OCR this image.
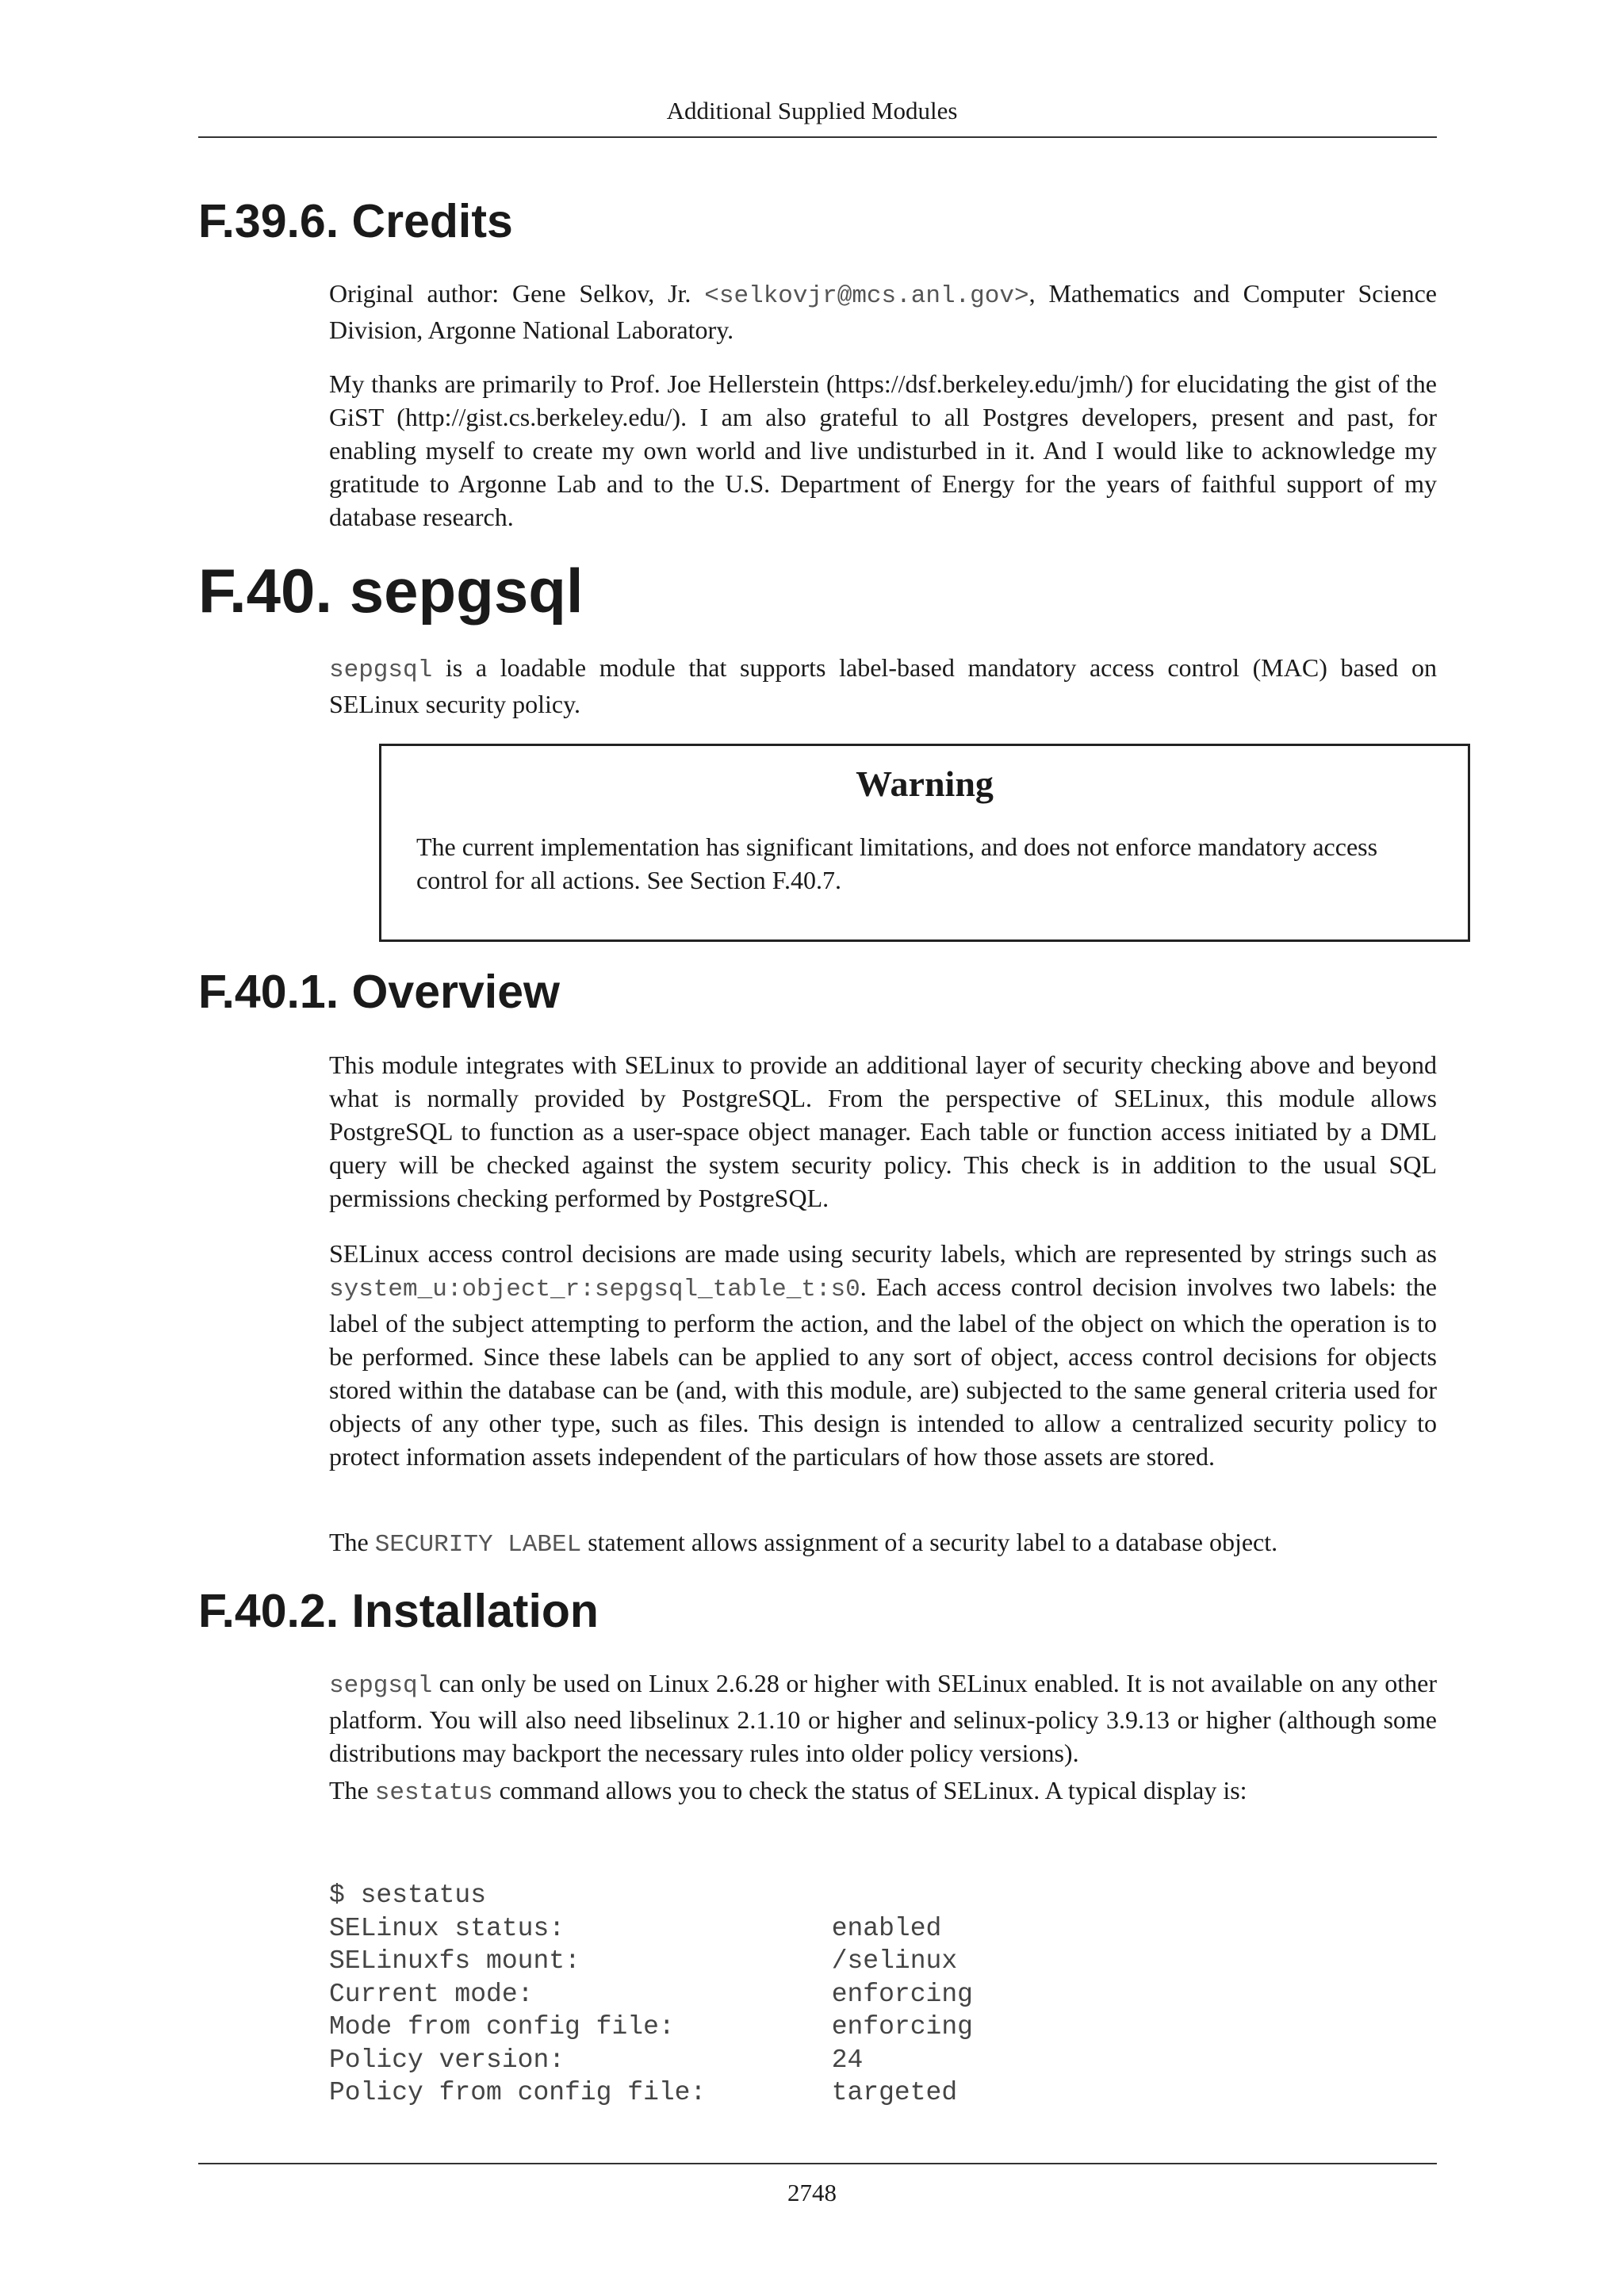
Additional Supplied Modules
F.39.6. Credits

Original author: Gene Selkov, Jr. <selkovjr@mcs.anl.gov>, Mathematics and Computer Science Division, Argonne National Laboratory.

My thanks are primarily to Prof. Joe Hellerstein (https://dsf.berkeley.edu/jmh/) for elucidating the gist of the GiST (http://gist.cs.berkeley.edu/). I am also grateful to all Postgres developers, present and past, for enabling myself to create my own world and live undisturbed in it. And I would like to acknowledge my gratitude to Argonne Lab and to the U.S. Department of Energy for the years of faithful support of my database research.

F.40. sepgsql

sepgsql is a loadable module that supports label-based mandatory access control (MAC) based on SELinux security policy.

Warning

The current implementation has significant limitations, and does not enforce mandatory access control for all actions. See Section F.40.7.

F.40.1. Overview

This module integrates with SELinux to provide an additional layer of security checking above and beyond what is normally provided by PostgreSQL. From the perspective of SELinux, this module allows PostgreSQL to function as a user-space object manager. Each table or function access initiated by a DML query will be checked against the system security policy. This check is in addition to the usual SQL permissions checking performed by PostgreSQL.

SELinux access control decisions are made using security labels, which are represented by strings such as system_u:object_r:sepgsql_table_t:s0. Each access control decision involves two labels: the label of the subject attempting to perform the action, and the label of the object on which the operation is to be performed. Since these labels can be applied to any sort of object, access control decisions for objects stored within the database can be (and, with this module, are) subjected to the same general criteria used for objects of any other type, such as files. This design is intended to allow a centralized security policy to protect information assets independent of the particulars of how those assets are stored.

The SECURITY LABEL statement allows assignment of a security label to a database object.

F.40.2. Installation

sepgsql can only be used on Linux 2.6.28 or higher with SELinux enabled. It is not available on any other platform. You will also need libselinux 2.1.10 or higher and selinux-policy 3.9.13 or higher (although some distributions may backport the necessary rules into older policy versions).

The sestatus command allows you to check the status of SELinux. A typical display is:

$ sestatus
SELinux status:                 enabled
SELinuxfs mount:                /selinux
Current mode:                   enforcing
Mode from config file:          enforcing
Policy version:                 24
Policy from config file:        targeted
2748
